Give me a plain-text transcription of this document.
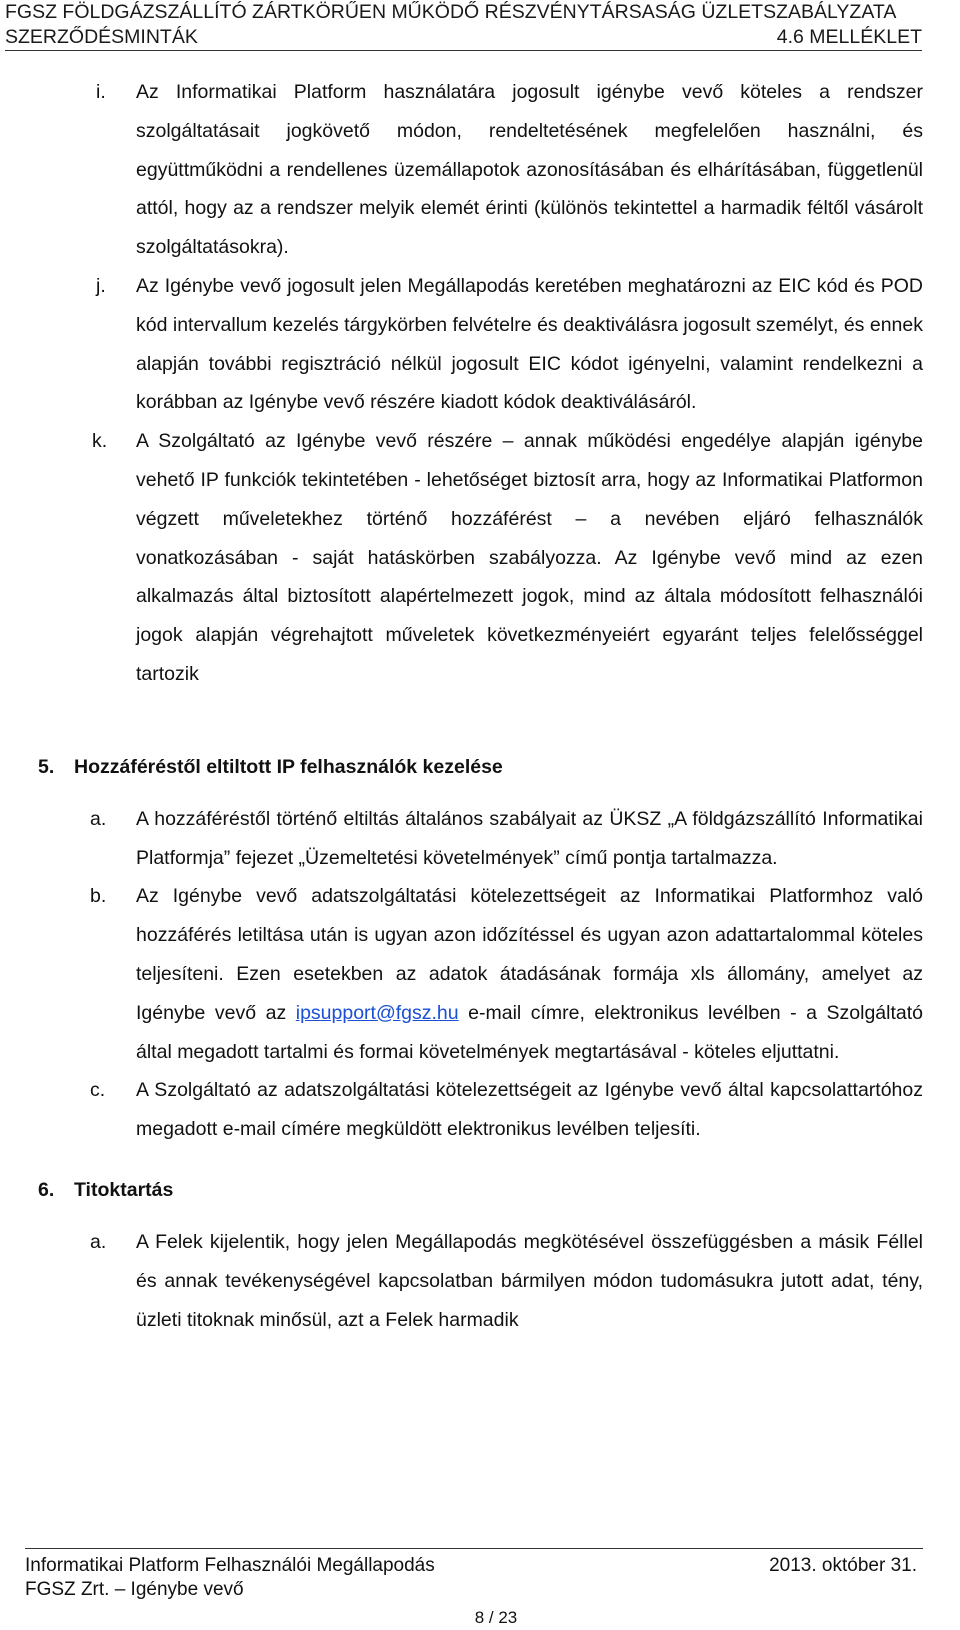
FGSZ FÖLDGÁZSZÁLLÍTÓ ZÁRTKÖRŰEN MŰKÖDŐ RÉSZVÉNYTÁRSASÁG ÜZLETSZABÁLYZATA
SZERZŐDÉSMINTÁK	4.6 MELLÉKLET
i.	Az Informatikai Platform használatára jogosult igénybe vevő köteles a rendszer szolgáltatásait jogkövető módon, rendeltetésének megfelelően használni, és együttműködni a rendellenes üzemállapotok azonosításában és elhárításában, függetlenül attól, hogy az a rendszer melyik elemét érinti (különös tekintettel a harmadik féltől vásárolt szolgáltatásokra).
j.	Az Igénybe vevő jogosult jelen Megállapodás keretében meghatározni az EIC kód és POD kód intervallum kezelés tárgykörben felvételre és deaktiválásra jogosult személyt, és ennek alapján további regisztráció nélkül jogosult EIC kódot igényelni, valamint rendelkezni a korábban az Igénybe vevő részére kiadott kódok deaktiválásáról.
k.	A Szolgáltató az Igénybe vevő részére – annak működési engedélye alapján igénybe vehető IP funkciók tekintetében - lehetőséget biztosít arra, hogy az Informatikai Platformon végzett műveletekhez történő hozzáférést – a nevében eljáró felhasználók vonatkozásában - saját hatáskörben szabályozza. Az Igénybe vevő mind az ezen alkalmazás által biztosított alapértelmezett jogok, mind az általa módosított felhasználói jogok alapján végrehajtott műveletek következményeiért egyaránt teljes felelősséggel tartozik
5.	Hozzáféréstől eltiltott IP felhasználók kezelése
a.	A hozzáféréstől történő eltiltás általános szabályait az ÜKSZ „A földgázszállító Informatikai Platformja” fejezet „Üzemeltetési követelmények” című pontja tartalmazza.
b.	Az Igénybe vevő adatszolgáltatási kötelezettségeit az Informatikai Platformhoz való hozzáférés letiltása után is ugyan azon időzítéssel és ugyan azon adattartalommal köteles teljesíteni. Ezen esetekben az adatok átadásának formája xls állomány, amelyet az Igénybe vevő az ipsupport@fgsz.hu e-mail címre, elektronikus levélben - a Szolgáltató által megadott tartalmi és formai követelmények megtartásával - köteles eljuttatni.
c.	A Szolgáltató az adatszolgáltatási kötelezettségeit az Igénybe vevő által kapcsolattartóhoz megadott e-mail címére megküldött elektronikus levélben teljesíti.
6.	Titoktartás
a.	A Felek kijelentik, hogy jelen Megállapodás megkötésével összefüggésben a másik Féllel és annak tevékenységével kapcsolatban bármilyen módon tudomásukra jutott adat, tény, üzleti titoknak minősül, azt a Felek harmadik
Informatikai Platform Felhasználói Megállapodás	2013. október 31.
FGSZ Zrt. – Igénybe vevő
8 / 23
